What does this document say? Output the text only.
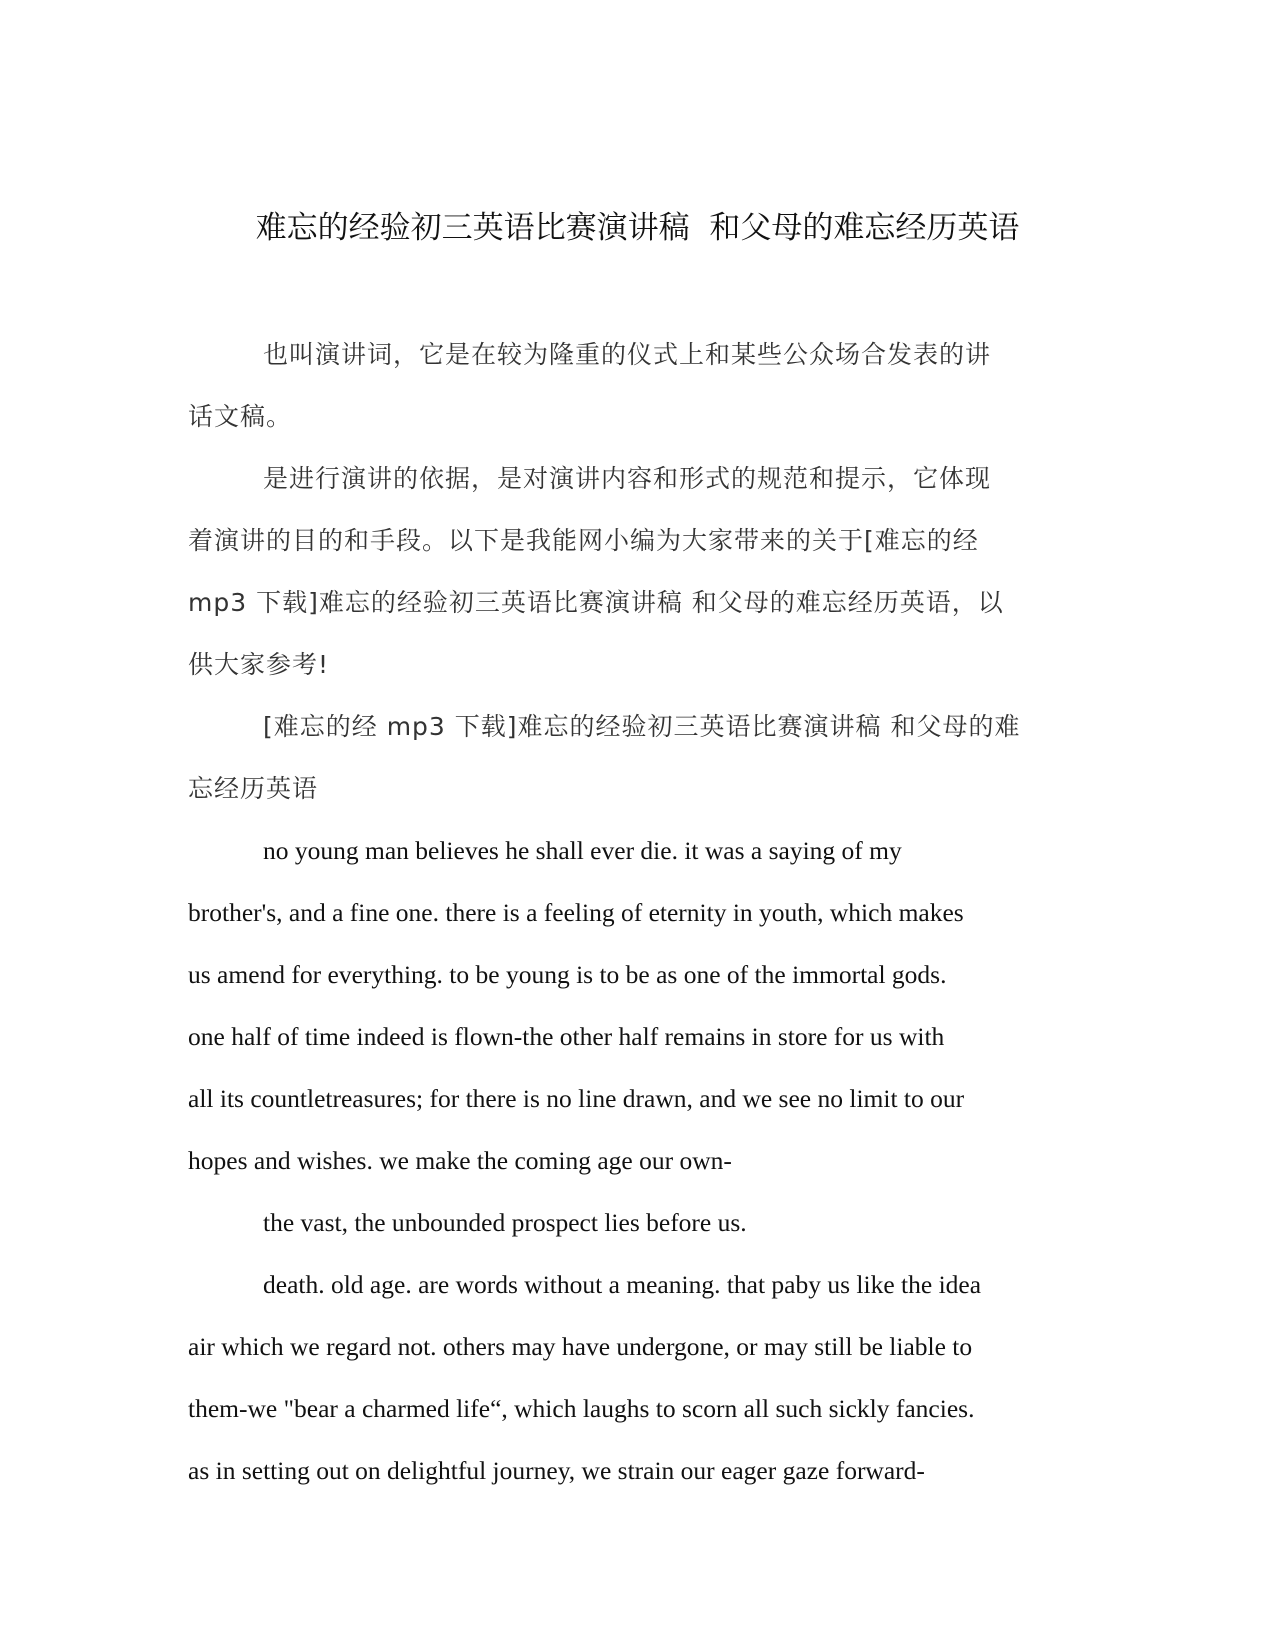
难忘的经验初三英语比赛演讲稿  和父母的难忘经历英语
也叫演讲词，它是在较为隆重的仪式上和某些公众场合发表的讲
话文稿。
是进行演讲的依据，是对演讲内容和形式的规范和提示，它体现
着演讲的目的和手段。以下是我能网小编为大家带来的关于[难忘的经
mp3 下载]难忘的经验初三英语比赛演讲稿 和父母的难忘经历英语，以
供大家参考!
[难忘的经 mp3 下载]难忘的经验初三英语比赛演讲稿 和父母的难
忘经历英语
no young man believes he shall ever die. it was a saying of my
brother's, and a fine one. there is a feeling of eternity in youth, which makes
us amend for everything. to be young is to be as one of the immortal gods.
one half of time indeed is flown-the other half remains in store for us with
all its countletreasures; for there is no line drawn, and we see no limit to our
hopes and wishes. we make the coming age our own-
the vast, the unbounded prospect lies before us.
death. old age. are words without a meaning. that paby us like the idea
air which we regard not. others may have undergone, or may still be liable to
them-we "bear a charmed life“, which laughs to scorn all such sickly fancies.
as in setting out on delightful journey, we strain our eager gaze forward-
